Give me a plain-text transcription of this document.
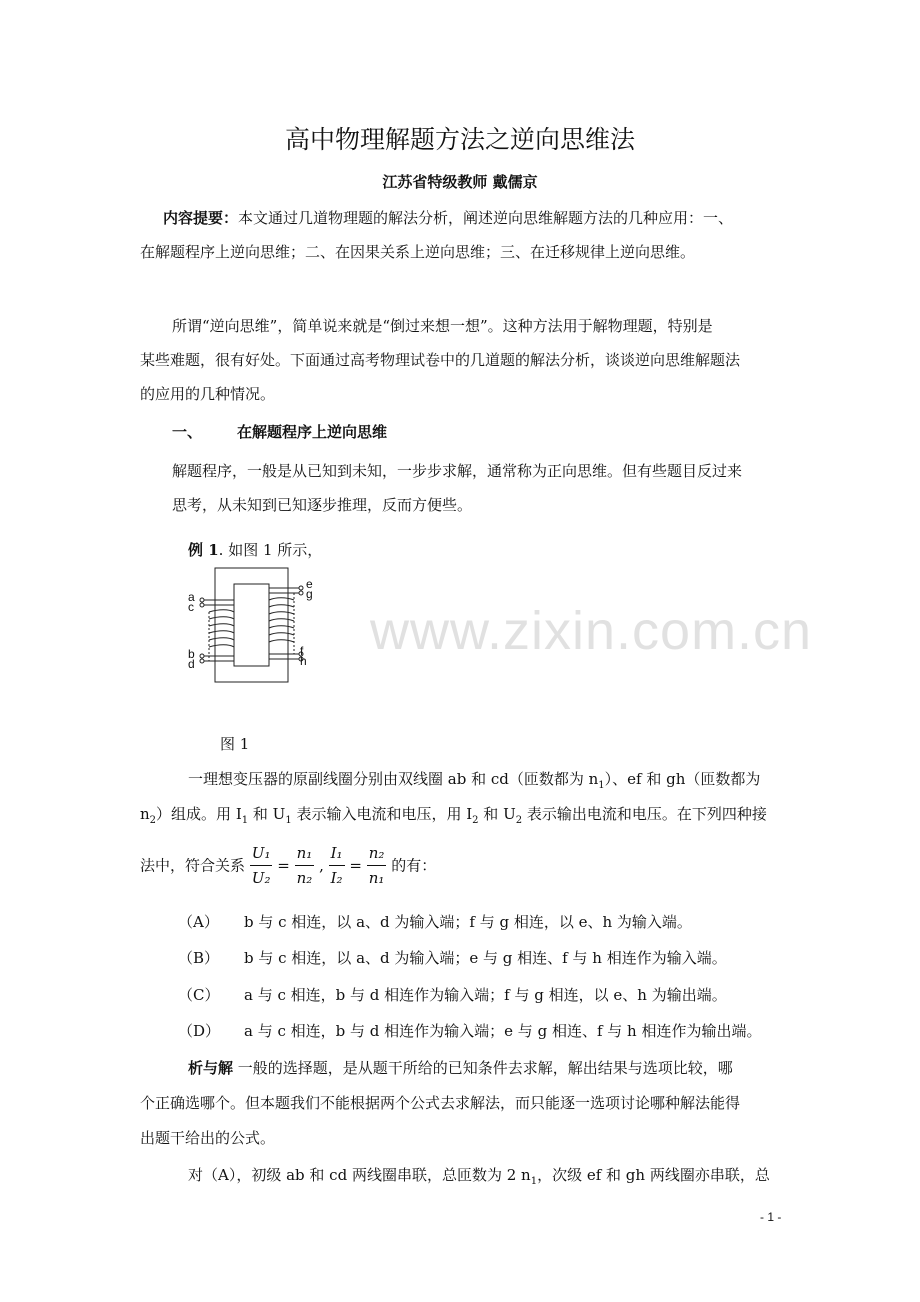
高中物理解题方法之逆向思维法
江苏省特级教师 戴儒京
内容提要：本文通过几道物理题的解法分析，阐述逆向思维解题方法的几种应用：一、
在解题程序上逆向思维；二、在因果关系上逆向思维；三、在迁移规律上逆向思维。
所谓“逆向思维”，简单说来就是“倒过来想一想”。这种方法用于解物理题，特别是
某些难题，很有好处。下面通过高考物理试卷中的几道题的解法分析，谈谈逆向思维解题法
的应用的几种情况。
一、 在解题程序上逆向思维
解题程序，一般是从已知到未知，一步步求解，通常称为正向思维。但有些题目反过来
思考，从未知到已知逐步推理，反而方便些。
例 1. 如图 1 所示，
a
c
b
d
e
g
f
h www.zixin.com.cn
图 1
一理想变压器的原副线圈分别由双线圈 ab 和 cd（匝数都为 $n_1$）、ef 和 gh（匝数都为
$n_2$）组成。用 $I_1$ 和 $U_1$ 表示输入电流和电压，用 $I_2$ 和 $U_2$ 表示输出电流和电压。在下列四种接
法中，符合关系 $\frac{\text{U₁}}{\text{U₂}} = \frac{\text{n₁}}{\text{n₂}}$ , $\frac{\text{I₁}}{\text{I₂}} = \frac{\text{n₂}}{\text{n₁}}$ 的有：
（A） b 与 c 相连，以 a、d 为输入端；f 与 g 相连，以 e、h 为输入端。
（B） b 与 c 相连，以 a、d 为输入端；e 与 g 相连、f 与 h 相连作为输入端。
（C） a 与 c 相连，b 与 d 相连作为输入端；f 与 g 相连，以 e、h 为输出端。
（D） a 与 c 相连，b 与 d 相连作为输入端；e 与 g 相连、f 与 h 相连作为输出端。
析与解 一般的选择题，是从题干所给的已知条件去求解，解出结果与选项比较，哪
个正确选哪个。但本题我们不能根据两个公式去求解法，而只能逐一选项讨论哪种解法能得
出题干给出的公式。
对（A），初级 ab 和 cd 两线圈串联，总匝数为 2 $n_1$，次级 ef 和 gh 两线圈亦串联，总
- 1 -
